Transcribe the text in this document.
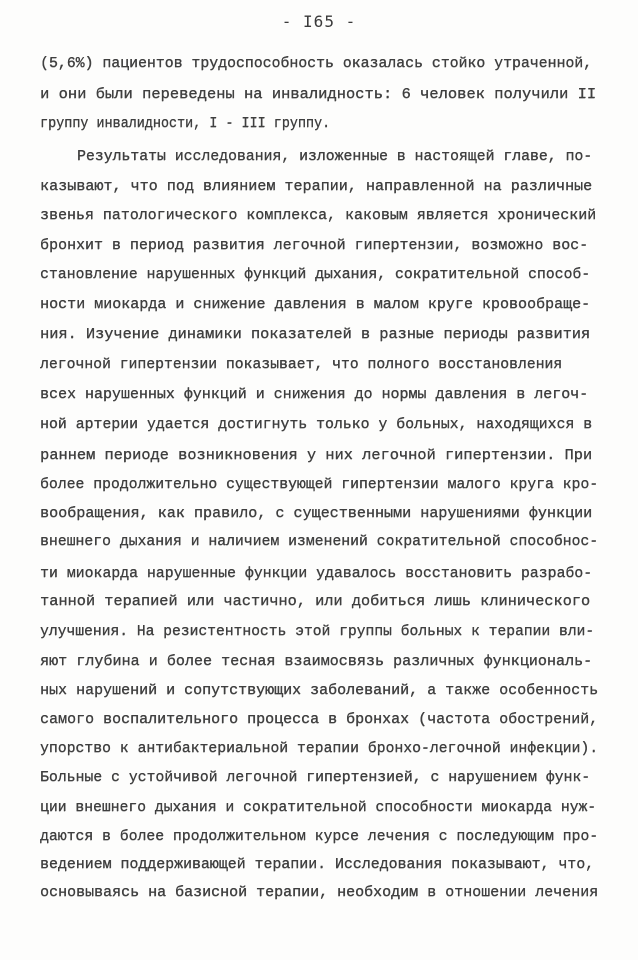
- I65 -
(5,6%) пациентов трудоспособность оказалась стойко утраченной,
и они были переведены на инвалидность: 6 человек получили II
группу инвалидности, I - III группу.
Результаты исследования, изложенные в настоящей главе, по-
казывают, что под влиянием терапии, направленной на различные
звенья патологического комплекса, каковым является хронический
бронхит в период развития легочной гипертензии, возможно вос-
становление нарушенных функций дыхания, сократительной способ-
ности миокарда и снижение давления в малом круге кровообраще-
ния. Изучение динамики показателей в разные периоды развития
легочной гипертензии показывает, что полного восстановления
всех нарушенных функций и снижения до нормы давления в легоч-
ной артерии удается достигнуть только у больных, находящихся в
раннем периоде возникновения у них легочной гипертензии. При
более продолжительно существующей гипертензии малого круга кро-
вообращения, как правило, с существенными нарушениями функции
внешнего дыхания и наличием изменений сократительной способнос-
ти миокарда нарушенные функции удавалось восстановить разрабо-
танной терапией или частично, или добиться лишь клинического
улучшения. На резистентность этой группы больных к терапии вли-
яют глубина и более тесная взаимосвязь различных функциональ-
ных нарушений и сопутствующих заболеваний, а также особенность
самого воспалительного процесса в бронхах (частота обострений,
упорство к антибактериальной терапии бронхо-легочной инфекции).
Больные с устойчивой легочной гипертензией, с нарушением функ-
ции внешнего дыхания и сократительной способности миокарда нуж-
даются в более продолжительном курсе лечения с последующим про-
ведением поддерживающей терапии. Исследования показывают, что,
основываясь на базисной терапии, необходим в отношении лечения
